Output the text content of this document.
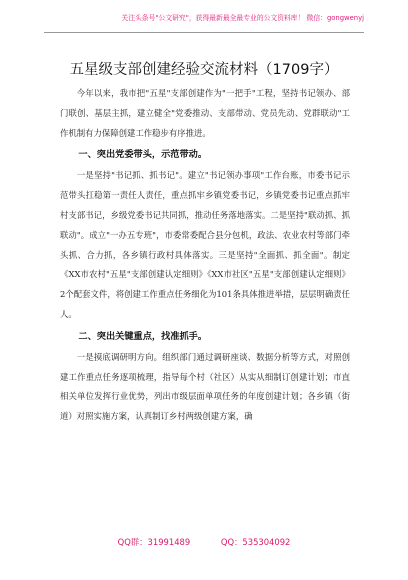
关注头条号"公文研究"，获得最新最全最专业的公文资料库！ 微信：gongwenyj
五星级支部创建经验交流材料（1709字）

今年以来，我市把"五星"支部创建作为"一把手"工程，坚持书记领办、部门联创、基层主抓，建立健全"党委推动、支部带动、党员先动、党群联动"工作机制有力保障创建工作稳步有序推进。

一、突出党委带头，示范带动。

一是坚持"书记抓、抓书记"。建立"书记领办事项"工作台账，市委书记示范带头扛稳第一责任人责任，重点抓牢乡镇党委书记，乡镇党委书记重点抓牢村支部书记，乡级党委书记共同抓，推动任务落地落实。二是坚持"联动抓、抓联动"。成立"一办五专班"，市委常委配合县分包机，政法、农业农村等部门牵头抓、合力抓，各乡镇行政村具体落实。三是坚持"全面抓、抓全面"。制定《XX市农村"五星"支部创建认定细则》《XX市社区"五星"支部创建认定细则》2个配套文件，将创建工作重点任务细化为101条具体推进举措，层层明确责任人。

二、突出关键重点，找准抓手。

一是摸底调研明方向。组织部门通过调研座谈、数据分析等方式，对照创建工作重点任务逐项梳理，指导每个村（社区）从实从细制订创建计划；市直相关单位发挥行业优势，列出市级层面单项任务的年度创建计划；各乡镇（街道）对照实施方案，认真制订乡村两级创建方案，确

QQ群：31991489	QQ：535304092
